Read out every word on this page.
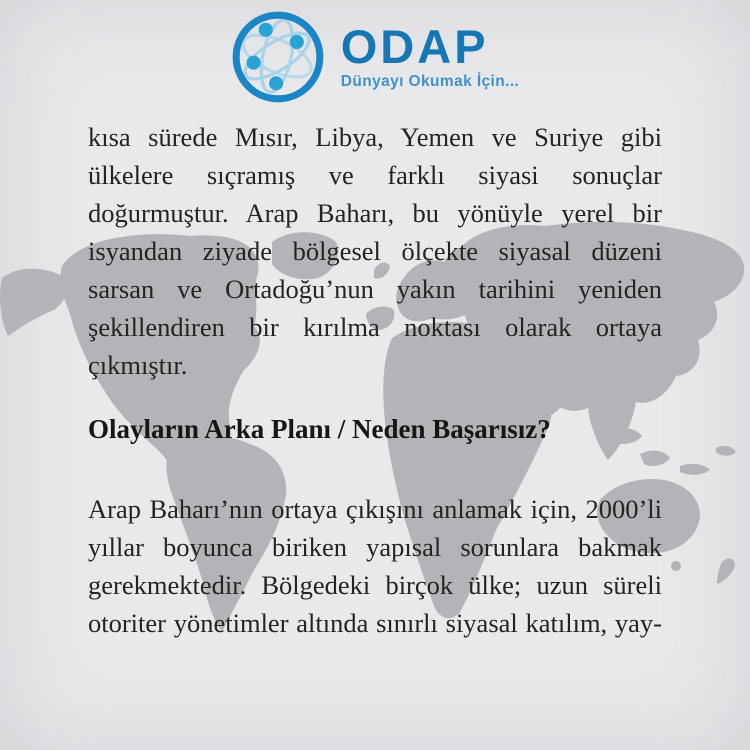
ODAP
Dünyayı Okumak İçin...
kısa sürede Mısır, Libya, Yemen ve Suriye gibi
ülkelere sıçramış ve farklı siyasi sonuçlar
doğurmuştur. Arap Baharı, bu yönüyle yerel bir
isyandan ziyade bölgesel ölçekte siyasal düzeni
sarsan ve Ortadoğu’nun yakın tarihini yeniden
şekillendiren bir kırılma noktası olarak ortaya
çıkmıştır.
Olayların Arka Planı / Neden Başarısız?
Arap Baharı’nın ortaya çıkışını anlamak için, 2000’li
yıllar boyunca biriken yapısal sorunlara bakmak
gerekmektedir. Bölgedeki birçok ülke; uzun süreli
otoriter yönetimler altında sınırlı siyasal katılım, yay-
